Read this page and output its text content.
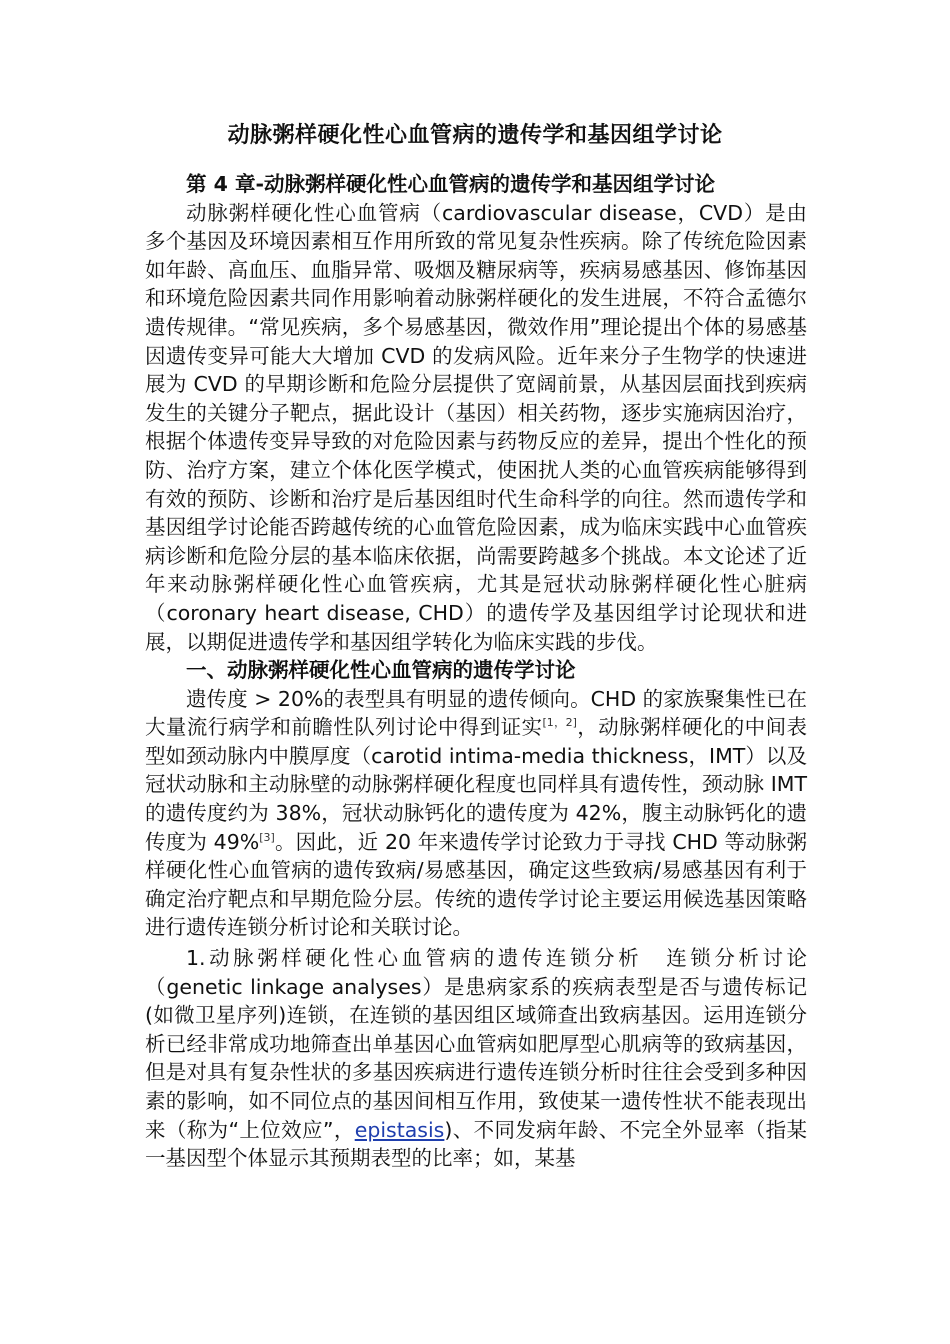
动脉粥样硬化性心血管病的遗传学和基因组学讨论
第 4 章-动脉粥样硬化性心血管病的遗传学和基因组学讨论

动脉粥样硬化性心血管病（cardiovascular disease，CVD）是由多个基因及环境因素相互作用所致的常见复杂性疾病。除了传统危险因素如年龄、高血压、血脂异常、吸烟及糖尿病等，疾病易感基因、修饰基因和环境危险因素共同作用影响着动脉粥样硬化的发生进展，不符合孟德尔遗传规律。“常见疾病，多个易感基因，微效作用”理论提出个体的易感基因遗传变异可能大大增加 CVD 的发病风险。近年来分子生物学的快速进展为 CVD 的早期诊断和危险分层提供了宽阔前景，从基因层面找到疾病发生的关键分子靶点，据此设计（基因）相关药物，逐步实施病因治疗，根据个体遗传变异导致的对危险因素与药物反应的差异，提出个性化的预防、治疗方案，建立个体化医学模式，使困扰人类的心血管疾病能够得到有效的预防、诊断和治疗是后基因组时代生命科学的向往。然而遗传学和基因组学讨论能否跨越传统的心血管危险因素，成为临床实践中心血管疾病诊断和危险分层的基本临床依据，尚需要跨越多个挑战。本文论述了近年来动脉粥样硬化性心血管疾病，尤其是冠状动脉粥样硬化性心脏病（coronary heart disease, CHD）的遗传学及基因组学讨论现状和进展，以期促进遗传学和基因组学转化为临床实践的步伐。

一、动脉粥样硬化性心血管病的遗传学讨论

遗传度 > 20%的表型具有明显的遗传倾向。CHD 的家族聚集性已在大量流行病学和前瞻性队列讨论中得到证实[1，2]，动脉粥样硬化的中间表型如颈动脉内中膜厚度（carotid intima-media thickness，IMT）以及冠状动脉和主动脉壁的动脉粥样硬化程度也同样具有遗传性，颈动脉 IMT 的遗传度约为 38%，冠状动脉钙化的遗传度为 42%，腹主动脉钙化的遗传度为 49%[3]。因此，近 20 年来遗传学讨论致力于寻找 CHD 等动脉粥样硬化性心血管病的遗传致病/易感基因，确定这些致病/易感基因有利于确定治疗靶点和早期危险分层。传统的遗传学讨论主要运用候选基因策略进行遗传连锁分析讨论和关联讨论。

1.动脉粥样硬化性心血管病的遗传连锁分析　连锁分析讨论（genetic linkage analyses）是患病家系的疾病表型是否与遗传标记(如微卫星序列)连锁，在连锁的基因组区域筛查出致病基因。运用连锁分析已经非常成功地筛查出单基因心血管病如肥厚型心肌病等的致病基因，但是对具有复杂性状的多基因疾病进行遗传连锁分析时往往会受到多种因素的影响，如不同位点的基因间相互作用，致使某一遗传性状不能表现出来（称为“上位效应”，epistasis)、不同发病年龄、不完全外显率（指某一基因型个体显示其预期表型的比率；如，某基
